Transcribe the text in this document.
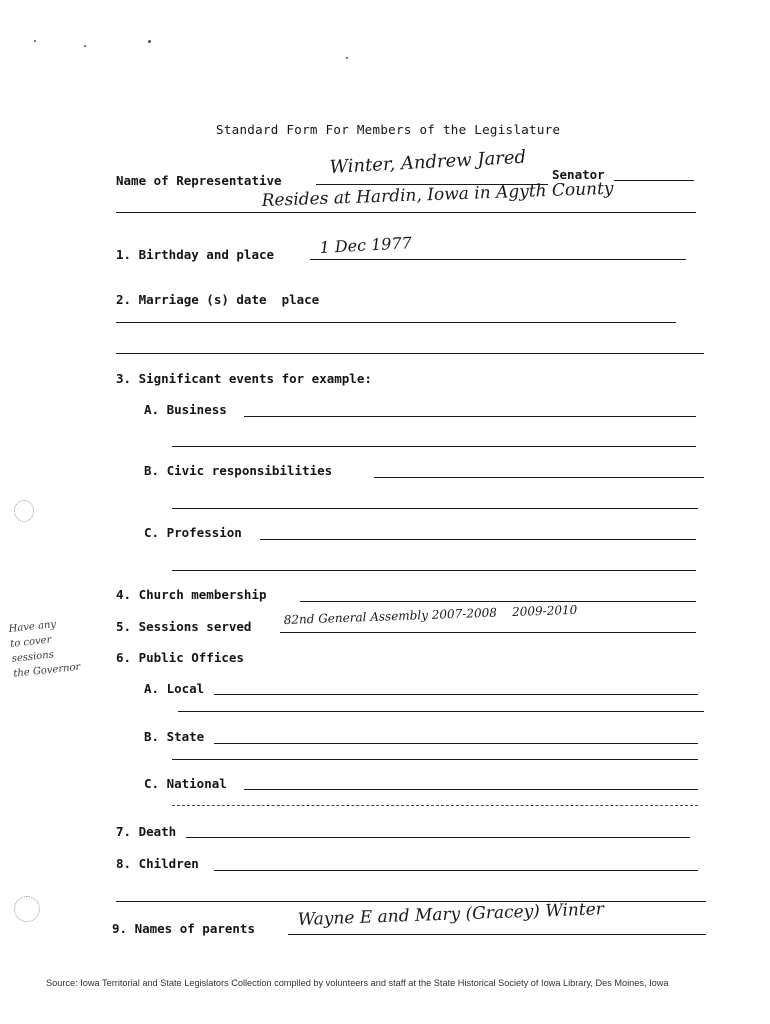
Standard Form For Members of the Legislature
Name of Representative
Winter, Andrew Jared Senator
Resides at Hardin, Iowa in Agyth County
1. Birthday and place	1 Dec 1977
2. Marriage (s) date  place
3. Significant events for example:
A. Business
B. Civic responsibilities
C. Profession
4. Church membership
5. Sessions served	82nd General Assembly 2007-2008    2009-2010
Have any
to cover
sessions
the Governor
6. Public Offices
A. Local
B. State
C. National
7. Death
8. Children
9. Names of parents Wayne E and Mary (Gracey) Winter
Source: Iowa Territorial and State Legislators Collection compiled by volunteers and staff at the State Historical Society of Iowa Library, Des Moines, Iowa
